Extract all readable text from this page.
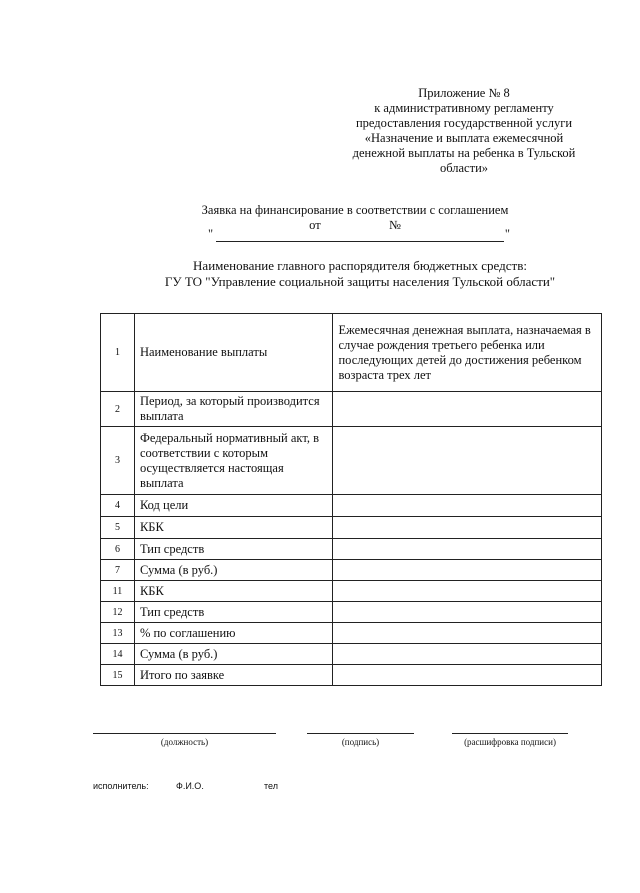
Приложение № 8
к административному регламенту
предоставления государственной услуги
«Назначение и выплата ежемесячной
денежной выплаты на ребенка в Тульской
области»
Заявка на финансирование в соответствии с соглашением
от	№
"	"
Наименование главного распорядителя бюджетных средств:
ГУ ТО "Управление социальной защиты населения Тульской области"
1	Наименование выплаты	Ежемесячная денежная выплата, назначаемая в случае рождения третьего ребенка или последующих детей до достижения ребенком возраста трех лет
2	Период, за который производится выплата	
3	Федеральный нормативный акт, в соответствии с которым осуществляется настоящая выплата	
4	Код цели	
5	КБК	
6	Тип средств	
7	Сумма (в руб.)	
11	КБК	
12	Тип средств	
13	% по соглашению	
14	Сумма (в руб.)	
15	Итого по заявке	
(должность)	(подпись)	(расшифровка подписи)
исполнитель:	Ф.И.О.	тел
